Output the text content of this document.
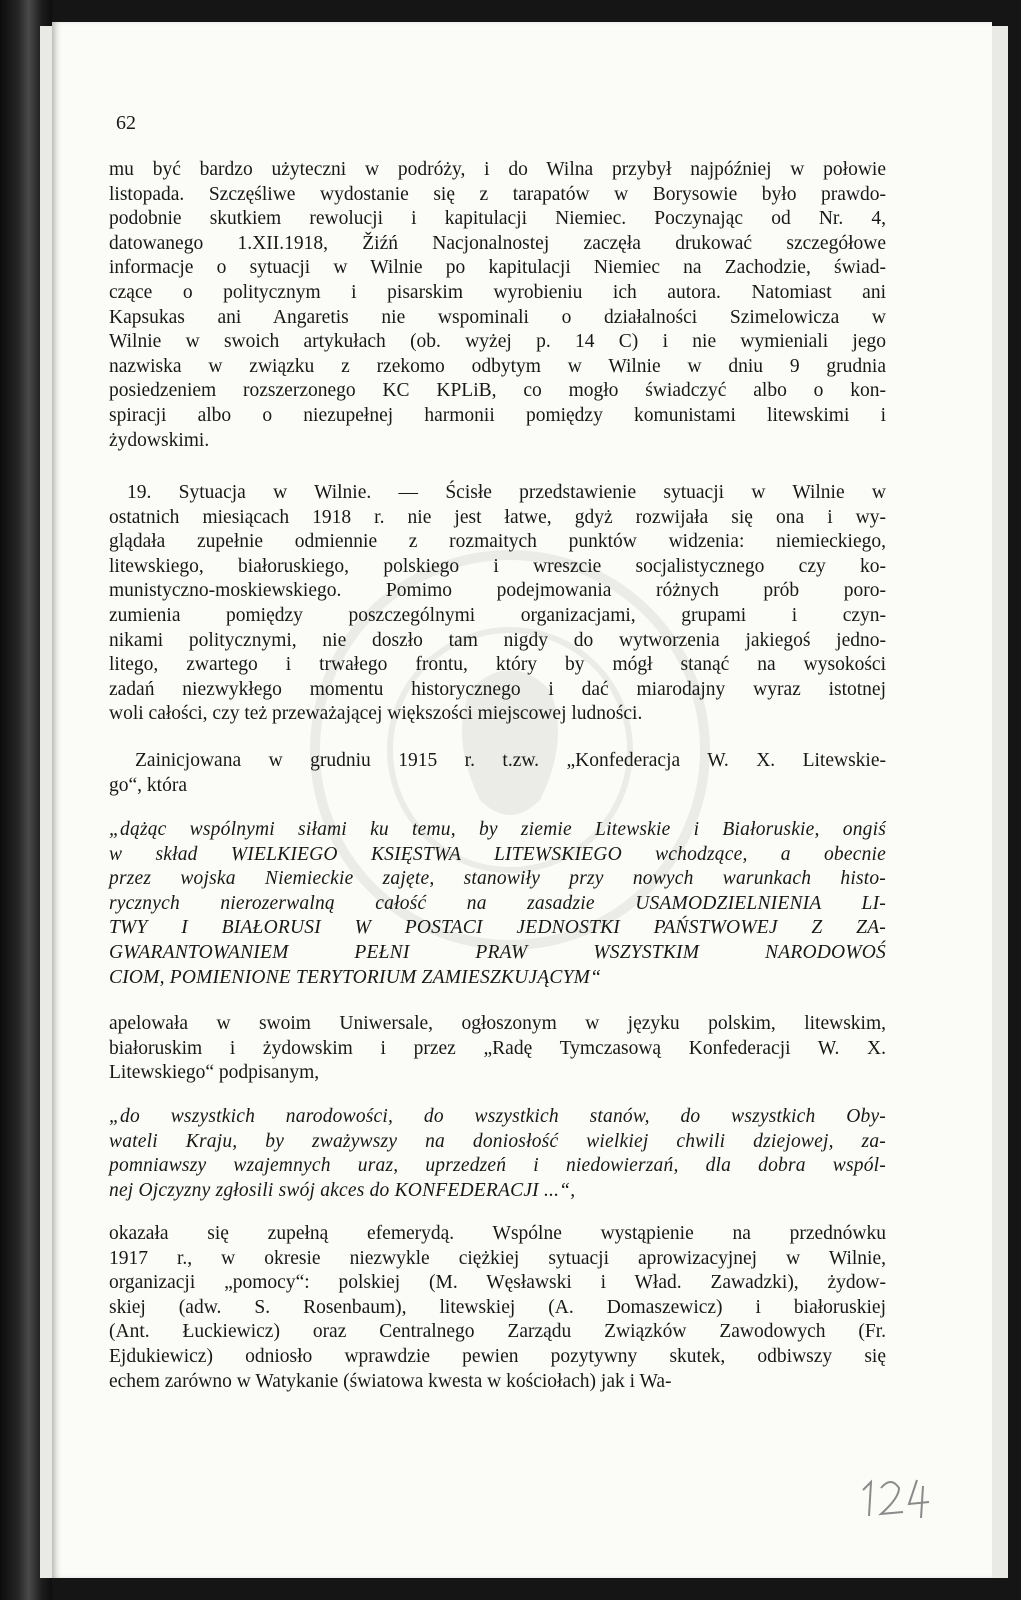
62

mu być bardzo użyteczni w podróży, i do Wilna przybył najpóźniej w połowie
listopada. Szczęśliwe wydostanie się z tarapatów w Borysowie było prawdo-
podobnie skutkiem rewolucji i kapitulacji Niemiec. Poczynając od Nr. 4,
datowanego 1.XII.1918, Žiźń Nacjonalnostej zaczęła drukować szczegółowe
informacje o sytuacji w Wilnie po kapitulacji Niemiec na Zachodzie, świad-
czące o politycznym i pisarskim wyrobieniu ich autora. Natomiast ani
Kapsukas ani Angaretis nie wspominali o działalności Szimelowicza w
Wilnie w swoich artykułach (ob. wyżej p. 14 C) i nie wymieniali jego
nazwiska w związku z rzekomo odbytym w Wilnie w dniu 9 grudnia
posiedzeniem rozszerzonego KC KPLiB, co mogło świadczyć albo o kon-
spiracji albo o niezupełnej harmonii pomiędzy komunistami litewskimi i
żydowskimi.

19. Sytuacja w Wilnie. — Ścisłe przedstawienie sytuacji w Wilnie w
ostatnich miesiącach 1918 r. nie jest łatwe, gdyż rozwijała się ona i wy-
glądała zupełnie odmiennie z rozmaitych punktów widzenia: niemieckiego,
litewskiego, białoruskiego, polskiego i wreszcie socjalistycznego czy ko-
munistyczno-moskiewskiego. Pomimo podejmowania różnych prób poro-
zumienia pomiędzy poszczególnymi organizacjami, grupami i czyn-
nikami politycznymi, nie doszło tam nigdy do wytworzenia jakiegoś jedno-
litego, zwartego i trwałego frontu, który by mógł stanąć na wysokości
zadań niezwykłego momentu historycznego i dać miarodajny wyraz istotnej
woli całości, czy też przeważającej większości miejscowej ludności.

Zainicjowana w grudniu 1915 r. t.zw. „Konfederacja W. X. Litewskie-
go“, która

„dążąc wspólnymi siłami ku temu, by ziemie Litewskie i Białoruskie, ongiś
w skład WIELKIEGO KSIĘSTWA LITEWSKIEGO wchodzące, a obecnie
przez wojska Niemieckie zajęte, stanowiły przy nowych warunkach histo-
rycznych nierozerwalną całość na zasadzie USAMODZIELNIENIA LI-
TWY I BIAŁORUSI W POSTACI JEDNOSTKI PAŃSTWOWEJ Z ZA-
GWARANTOWANIEM PEŁNI PRAW WSZYSTKIM NARODOWOŚ
CIOM, POMIENIONE TERYTORIUM ZAMIESZKUJĄCYM“

apelowała w swoim Uniwersale, ogłoszonym w języku polskim, litewskim,
białoruskim i żydowskim i przez „Radę Tymczasową Konfederacji W. X.
Litewskiego“ podpisanym,

„do wszystkich narodowości, do wszystkich stanów, do wszystkich Oby-
wateli Kraju, by zważywszy na doniosłość wielkiej chwili dziejowej, za-
pomniawszy wzajemnych uraz, uprzedzeń i niedowierzań, dla dobra wspól-
nej Ojczyzny zgłosili swój akces do KONFEDERACJI ...“,

okazała się zupełną efemerydą. Wspólne wystąpienie na przednówku
1917 r., w okresie niezwykle ciężkiej sytuacji aprowizacyjnej w Wilnie,
organizacji „pomocy“: polskiej (M. Węsławski i Wład. Zawadzki), żydow-
skiej (adw. S. Rosenbaum), litewskiej (A. Domaszewicz) i białoruskiej
(Ant. Łuckiewicz) oraz Centralnego Zarządu Związków Zawodowych (Fr.
Ejdukiewicz) odniosło wprawdzie pewien pozytywny skutek, odbiwszy się
echem zarówno w Watykanie (światowa kwesta w kościołach) jak i Wa-

124
